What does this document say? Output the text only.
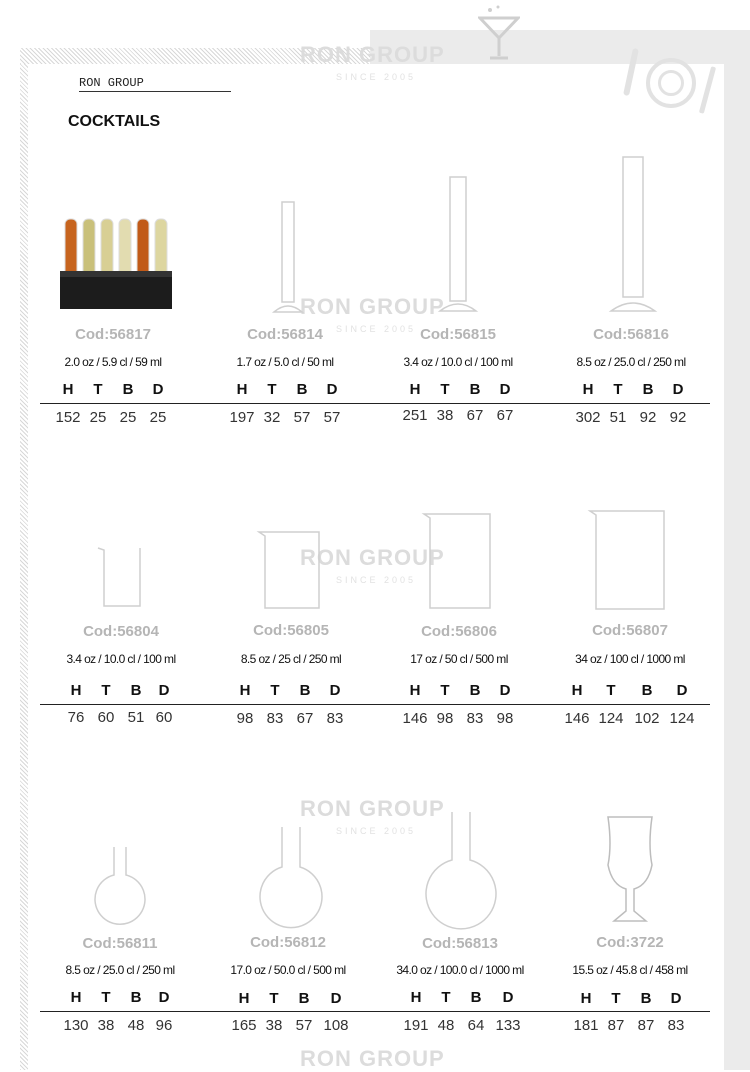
RON GROUP
SINCE 2005
RON GROUP
SINCE 2005
RON GROUP
SINCE 2005
RON GROUP
SINCE 2005
RON GROUP
RON GROUP
COCKTAILS
Cod:56817	Cod:56814	Cod:56815	Cod:56816
2.0 oz / 5.9 cl / 59 ml	1.7 oz / 5.0 cl / 50 ml	3.4 oz / 10.0 cl / 100 ml	8.5 oz / 25.0 cl / 250 ml
H	T	B	D	H	T	B	D	H	T	B	D	H	T	B	D
152 25 25 25	197 32 57 57	251 38 67 67	302 51 92 92
Cod:56804	Cod:56805	Cod:56806	Cod:56807
3.4 oz / 10.0 cl / 100 ml	8.5 oz / 25 cl / 250 ml	17 oz / 50 cl / 500 ml	34 oz / 100 cl / 1000 ml
H	T	B	D	H	T	B	D	H	T	B	D	H	T	B	D
76 60 51 60	98 83 67 83	146 98 83 98	146 124 102 124
Cod:56811	Cod:56812	Cod:56813	Cod:3722
8.5 oz / 25.0 cl / 250 ml	17.0 oz / 50.0 cl / 500 ml	34.0 oz / 100.0 cl / 1000 ml	15.5 oz / 45.8 cl / 458 ml
H	T	B	D	H	T	B	D	H	T	B	D	H	T	B	D
130 38 48 96	165 38 57 108	191 48 64 133	181 87 87 83
